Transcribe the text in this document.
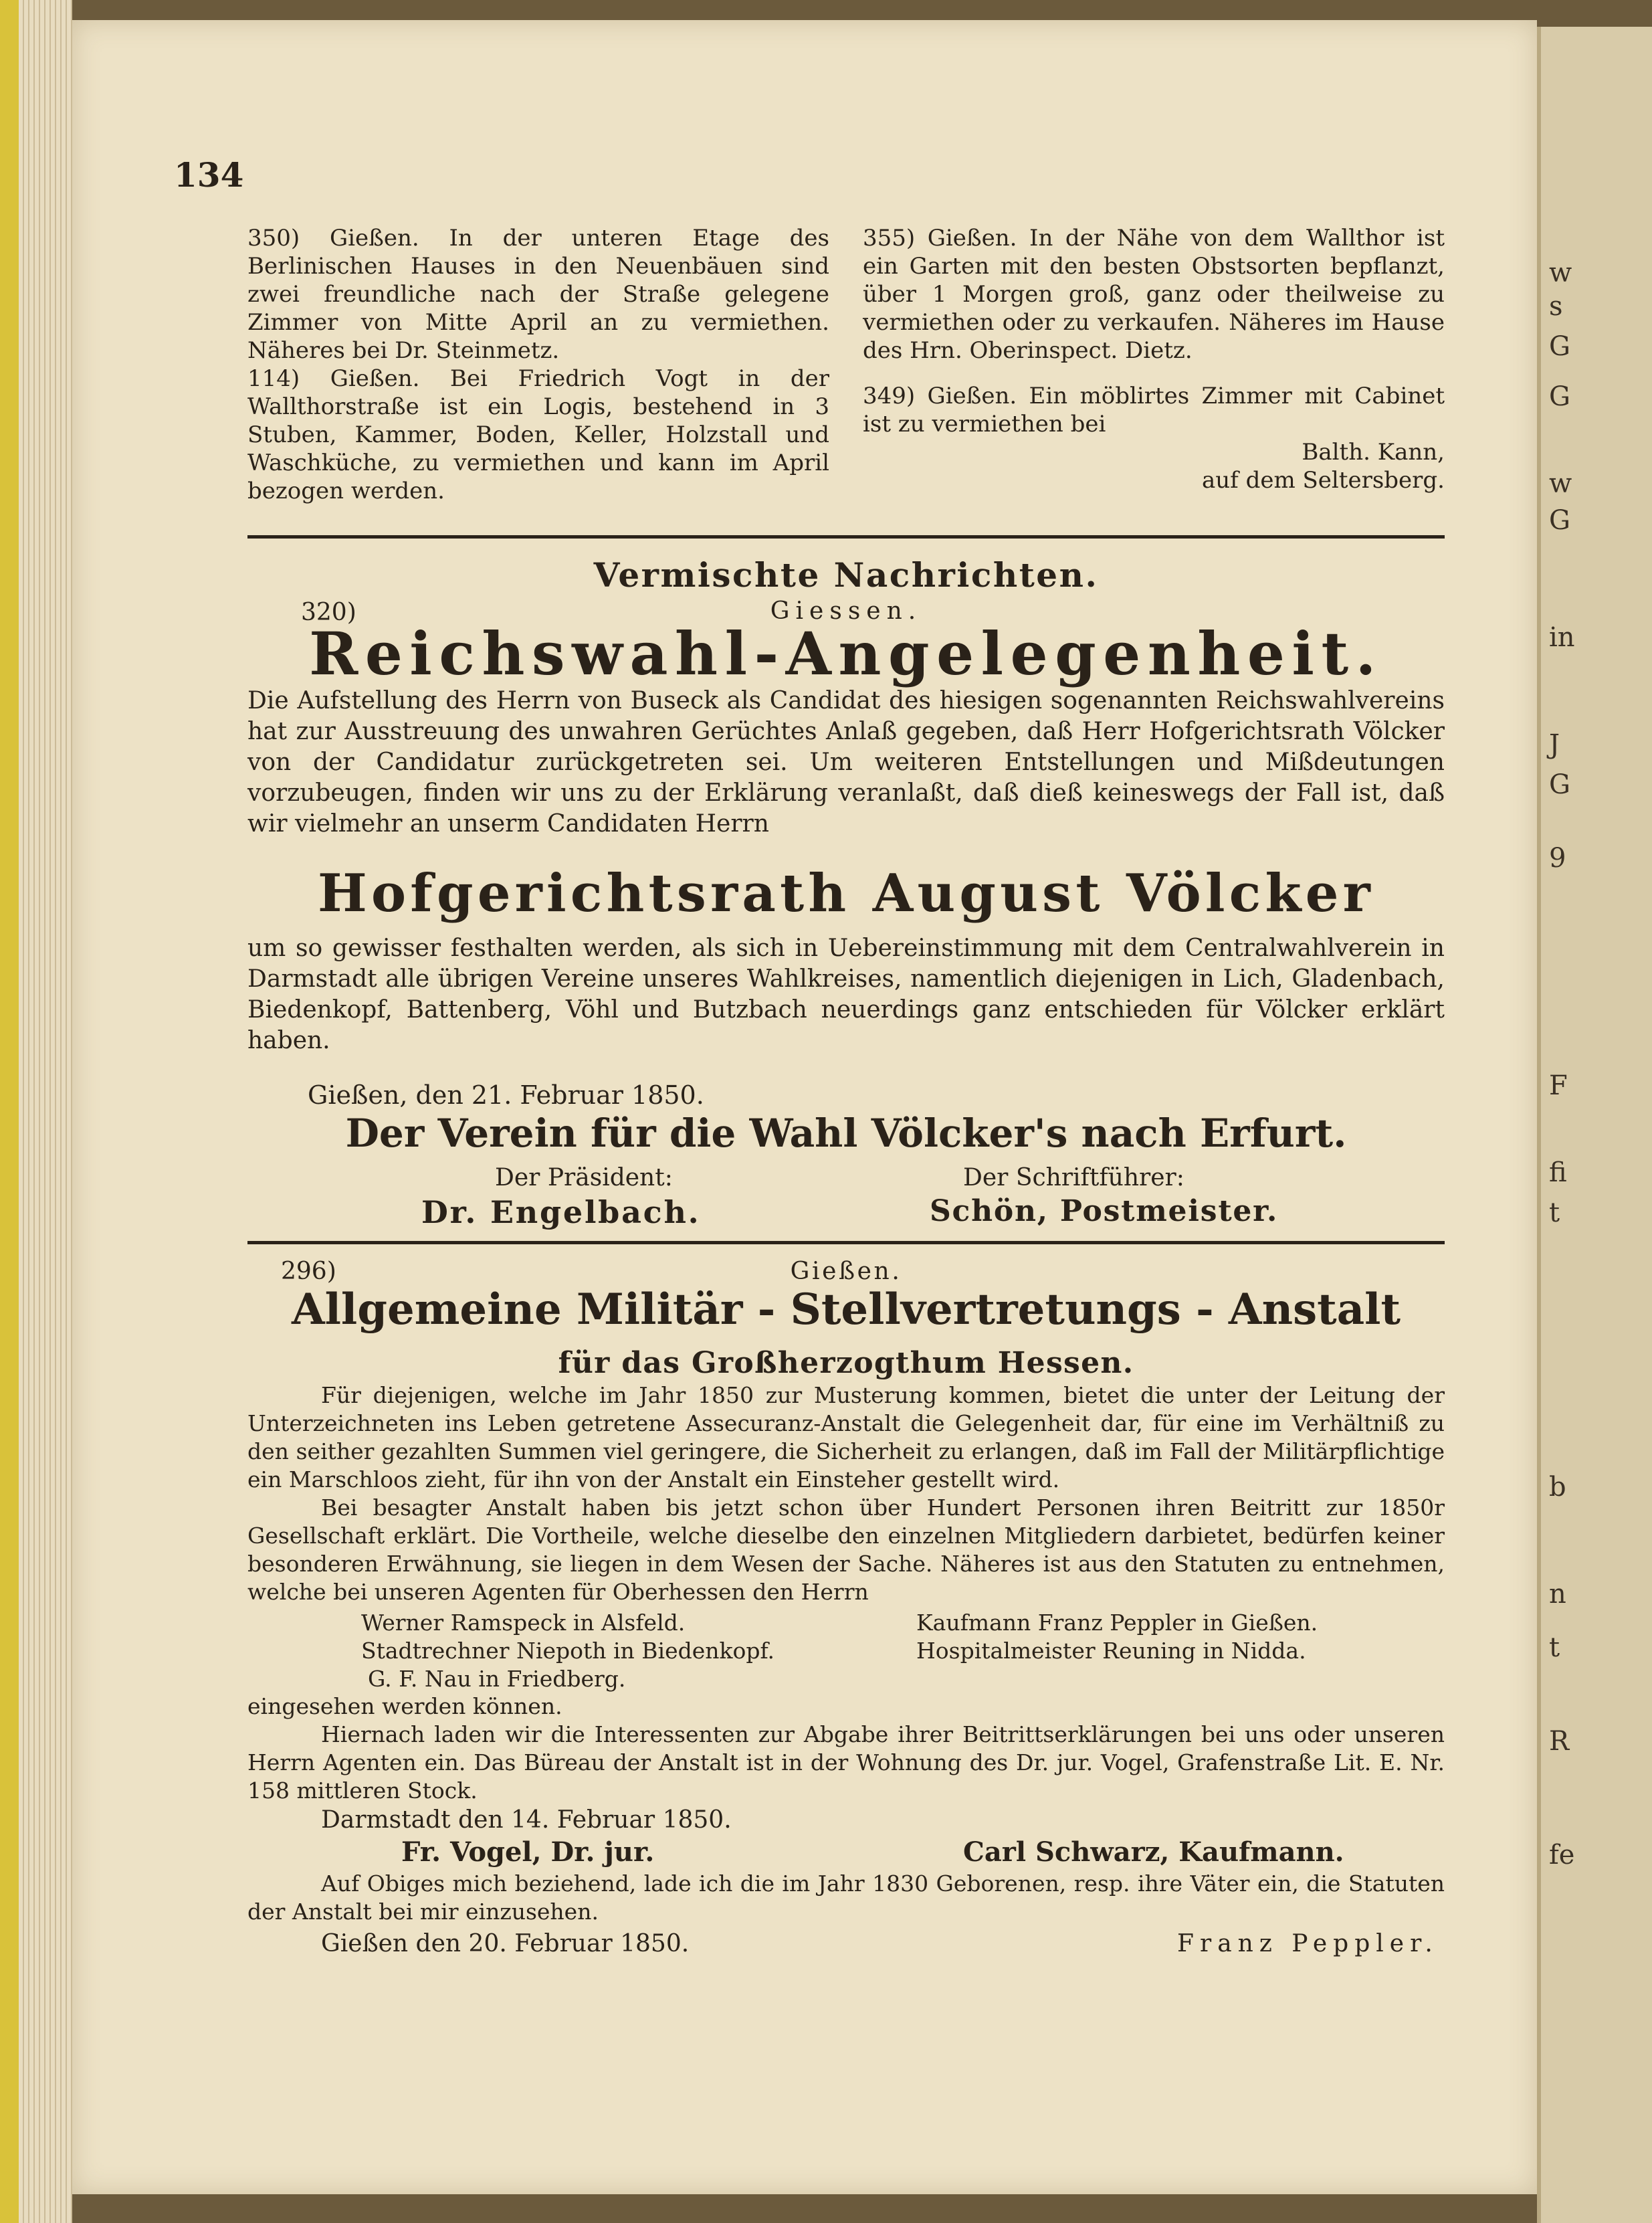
w
s
G
G
w
G
in
J
G
9
F
fi
t
b
n
t
R
fe
134

350) Gießen. In der unteren Etage des Berlinischen Hauses in den Neuenbäuen sind zwei freundliche nach der Straße gelegene Zimmer von Mitte April an zu vermiethen. Näheres bei Dr. Steinmetz.

114) Gießen. Bei Friedrich Vogt in der Wallthorstraße ist ein Logis, bestehend in 3 Stuben, Kammer, Boden, Keller, Holzstall und Waschküche, zu vermiethen und kann im April bezogen werden.

355) Gießen. In der Nähe von dem Wallthor ist ein Garten mit den besten Obstsorten bepflanzt, über 1 Morgen groß, ganz oder theilweise zu vermiethen oder zu verkaufen. Näheres im Hause des Hrn. Oberinspect. Dietz.

349) Gießen. Ein möblirtes Zimmer mit Cabinet ist zu vermiethen bei

Balth. Kann,

auf dem Seltersberg.

Vermischte Nachrichten.
320)	Giessen.
Reichswahl-Angelegenheit.

Die Aufstellung des Herrn von Buseck als Candidat des hiesigen sogenannten Reichswahlvereins hat zur Ausstreuung des unwahren Gerüchtes Anlaß gegeben, daß Herr Hofgerichtsrath Völcker von der Candidatur zurückgetreten sei. Um weiteren Entstellungen und Mißdeutungen vorzubeugen, finden wir uns zu der Erklärung veranlaßt, daß dieß keineswegs der Fall ist, daß wir vielmehr an unserm Candidaten Herrn

Hofgerichtsrath August Völcker

um so gewisser festhalten werden, als sich in Uebereinstimmung mit dem Centralwahlverein in Darmstadt alle übrigen Vereine unseres Wahlkreises, namentlich diejenigen in Lich, Gladenbach, Biedenkopf, Battenberg, Vöhl und Butzbach neuerdings ganz entschieden für Völcker erklärt haben.

Gießen, den 21. Februar 1850.
Der Verein für die Wahl Völcker's nach Erfurt.
Der Präsident:	Der Schriftführer:
Dr. Engelbach.	Schön, Postmeister.
296)	Gießen.
Allgemeine Militär - Stellvertretungs - Anstalt
für das Großherzogthum Hessen.

Für diejenigen, welche im Jahr 1850 zur Musterung kommen, bietet die unter der Leitung der Unterzeichneten ins Leben getretene Assecuranz-Anstalt die Gelegenheit dar, für eine im Verhältniß zu den seither gezahlten Summen viel geringere, die Sicherheit zu erlangen, daß im Fall der Militärpflichtige ein Marschloos zieht, für ihn von der Anstalt ein Einsteher gestellt wird.

Bei besagter Anstalt haben bis jetzt schon über Hundert Personen ihren Beitritt zur 1850r Gesellschaft erklärt. Die Vortheile, welche dieselbe den einzelnen Mitgliedern darbietet, bedürfen keiner besonderen Erwähnung, sie liegen in dem Wesen der Sache. Näheres ist aus den Statuten zu entnehmen, welche bei unseren Agenten für Oberhessen den Herrn

Werner Ramspeck in Alsfeld.	Kaufmann Franz Peppler in Gießen.
Stadtrechner Niepoth in Biedenkopf.	Hospitalmeister Reuning in Nidda.
G. F. Nau in Friedberg.

eingesehen werden können.

Hiernach laden wir die Interessenten zur Abgabe ihrer Beitrittserklärungen bei uns oder unseren Herrn Agenten ein. Das Büreau der Anstalt ist in der Wohnung des Dr. jur. Vogel, Grafenstraße Lit. E. Nr. 158 mittleren Stock.

Darmstadt den 14. Februar 1850.
Fr. Vogel, Dr. jur.	Carl Schwarz, Kaufmann.

Auf Obiges mich beziehend, lade ich die im Jahr 1830 Geborenen, resp. ihre Väter ein, die Statuten der Anstalt bei mir einzusehen.

Gießen den 20. Februar 1850.	Franz Peppler.
